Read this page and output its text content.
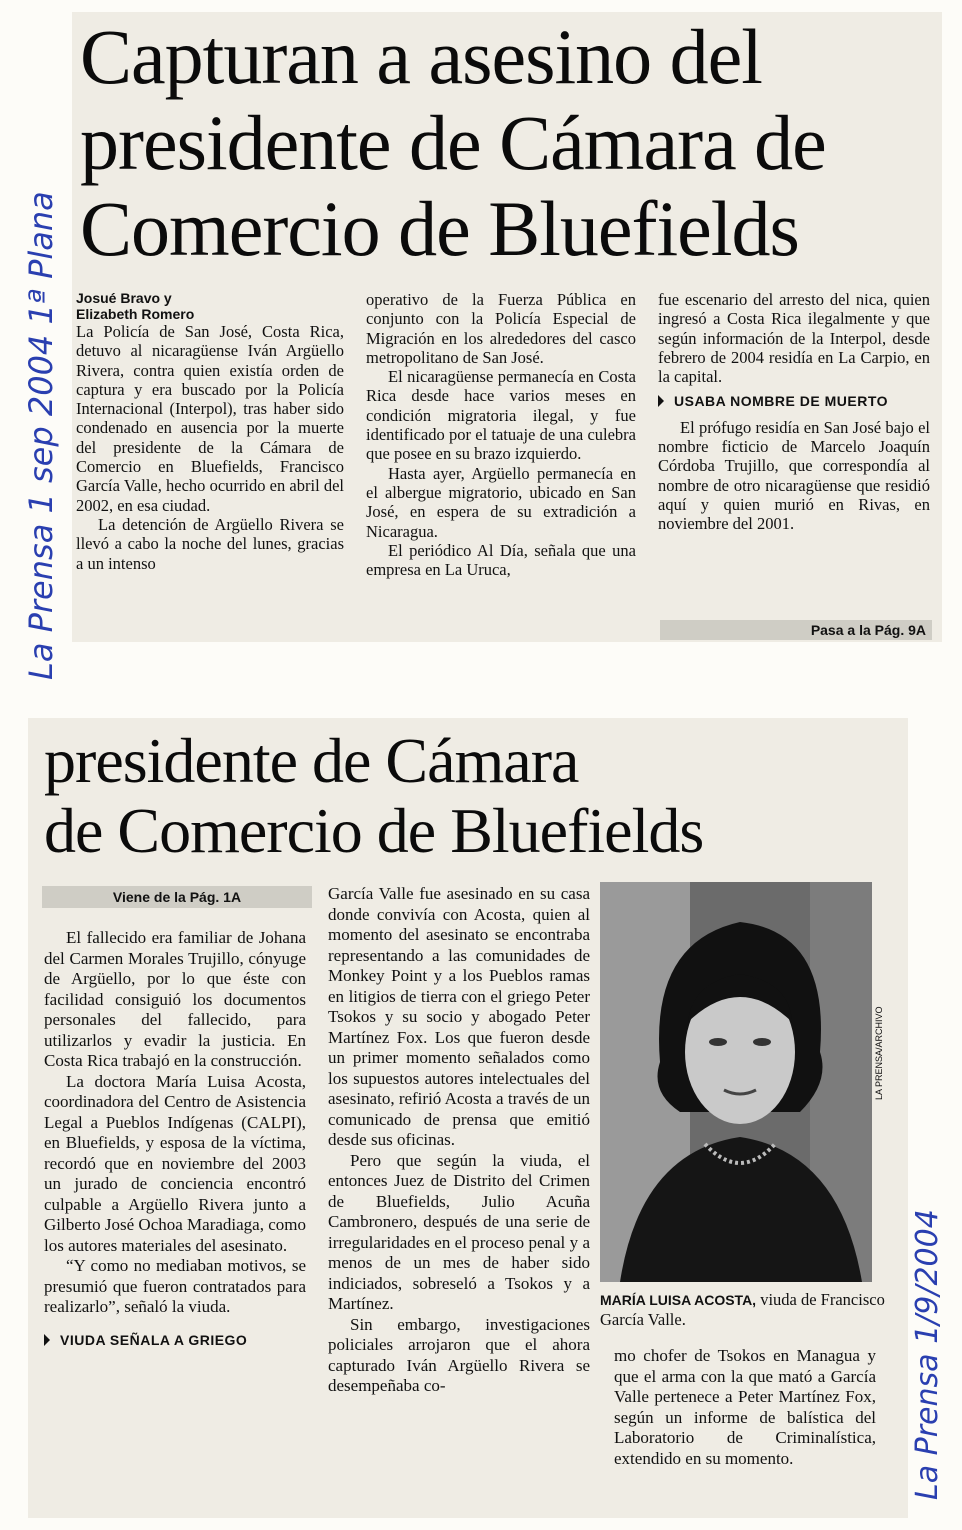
Capturan a asesino del
presidente de Cámara de
Comercio de Bluefields
Josué Bravo y
Elizabeth Romero

La Policía de San José, Costa Rica, detuvo al nicaragüense Iván Argüello Rivera, contra quien existía orden de captura y era buscado por la Policía Internacional (Interpol), tras haber sido condenado en ausencia por la muerte del presidente de la Cámara de Comercio en Bluefields, Francisco García Valle, hecho ocurrido en abril del 2002, en esa ciudad.

La detención de Argüello Rivera se llevó a cabo la noche del lunes, gracias a un intenso

operativo de la Fuerza Pública en conjunto con la Policía Especial de Migración en los alrededores del casco metropolitano de San José.

El nicaragüense permanecía en Costa Rica desde hace varios meses en condición migratoria ilegal, y fue identificado por el tatuaje de una culebra que posee en su brazo izquierdo.

Hasta ayer, Argüello permanecía en el albergue migratorio, ubicado en San José, en espera de su extradición a Nicaragua.

El periódico Al Día, señala que una empresa en La Uruca,

fue escenario del arresto del nica, quien ingresó a Costa Rica ilegalmente y que según información de la Interpol, desde febrero de 2004 residía en La Carpio, en la capital.

USABA NOMBRE DE MUERTO

El prófugo residía en San José bajo el nombre ficticio de Marcelo Joaquín Córdoba Trujillo, que correspondía al nombre de otro nicaragüense que residió aquí y quien murió en Rivas, en noviembre del 2001.

Pasa a la Pág. 9A
La Prensa 1 sep 2004 1ª Plana
presidente de Cámara
de Comercio de Bluefields
Viene de la Pág. 1A

El fallecido era familiar de Johana del Carmen Morales Trujillo, cónyuge de Argüello, por lo que éste con facilidad consiguió los documentos personales del fallecido, para utilizarlos y evadir la justicia. En Costa Rica trabajó en la construcción.

La doctora María Luisa Acosta, coordinadora del Centro de Asistencia Legal a Pueblos Indígenas (CALPI), en Bluefields, y esposa de la víctima, recordó que en noviembre del 2003 un jurado de conciencia encontró culpable a Argüello Rivera junto a Gilberto José Ochoa Maradiaga, como los autores materiales del asesinato.

“Y como no mediaban motivos, se presumió que fueron contratados para realizarlo”, señaló la viuda.

VIUDA SEÑALA A GRIEGO

García Valle fue asesinado en su casa donde convivía con Acosta, quien al momento del asesinato se encontraba representando a las comunidades de Monkey Point y a los Pueblos ramas en litigios de tierra con el griego Peter Tsokos y su socio y abogado Peter Martínez Fox. Los que fueron desde un primer momento señalados como los supuestos autores intelectuales del asesinato, refirió Acosta a través de un comunicado de prensa que emitió desde sus oficinas.

Pero que según la viuda, el entonces Juez de Distrito del Crimen de Bluefields, Julio Acuña Cambronero, después de una serie de irregularidades en el proceso penal y a menos de un mes de haber sido indiciados, sobreseló a Tsokos y a Martínez.

Sin embargo, investigaciones policiales arrojaron que el ahora capturado Iván Argüello Rivera se desempeñaba co-

LA PRENSA/ARCHIVO
MARÍA LUISA ACOSTA, viuda de Francisco García Valle.

mo chofer de Tsokos en Managua y que el arma con la que mató a García Valle pertenece a Peter Martínez Fox, según un informe de balística del Laboratorio de Criminalística, extendido en su momento.	La Prensa 1/9/2004
